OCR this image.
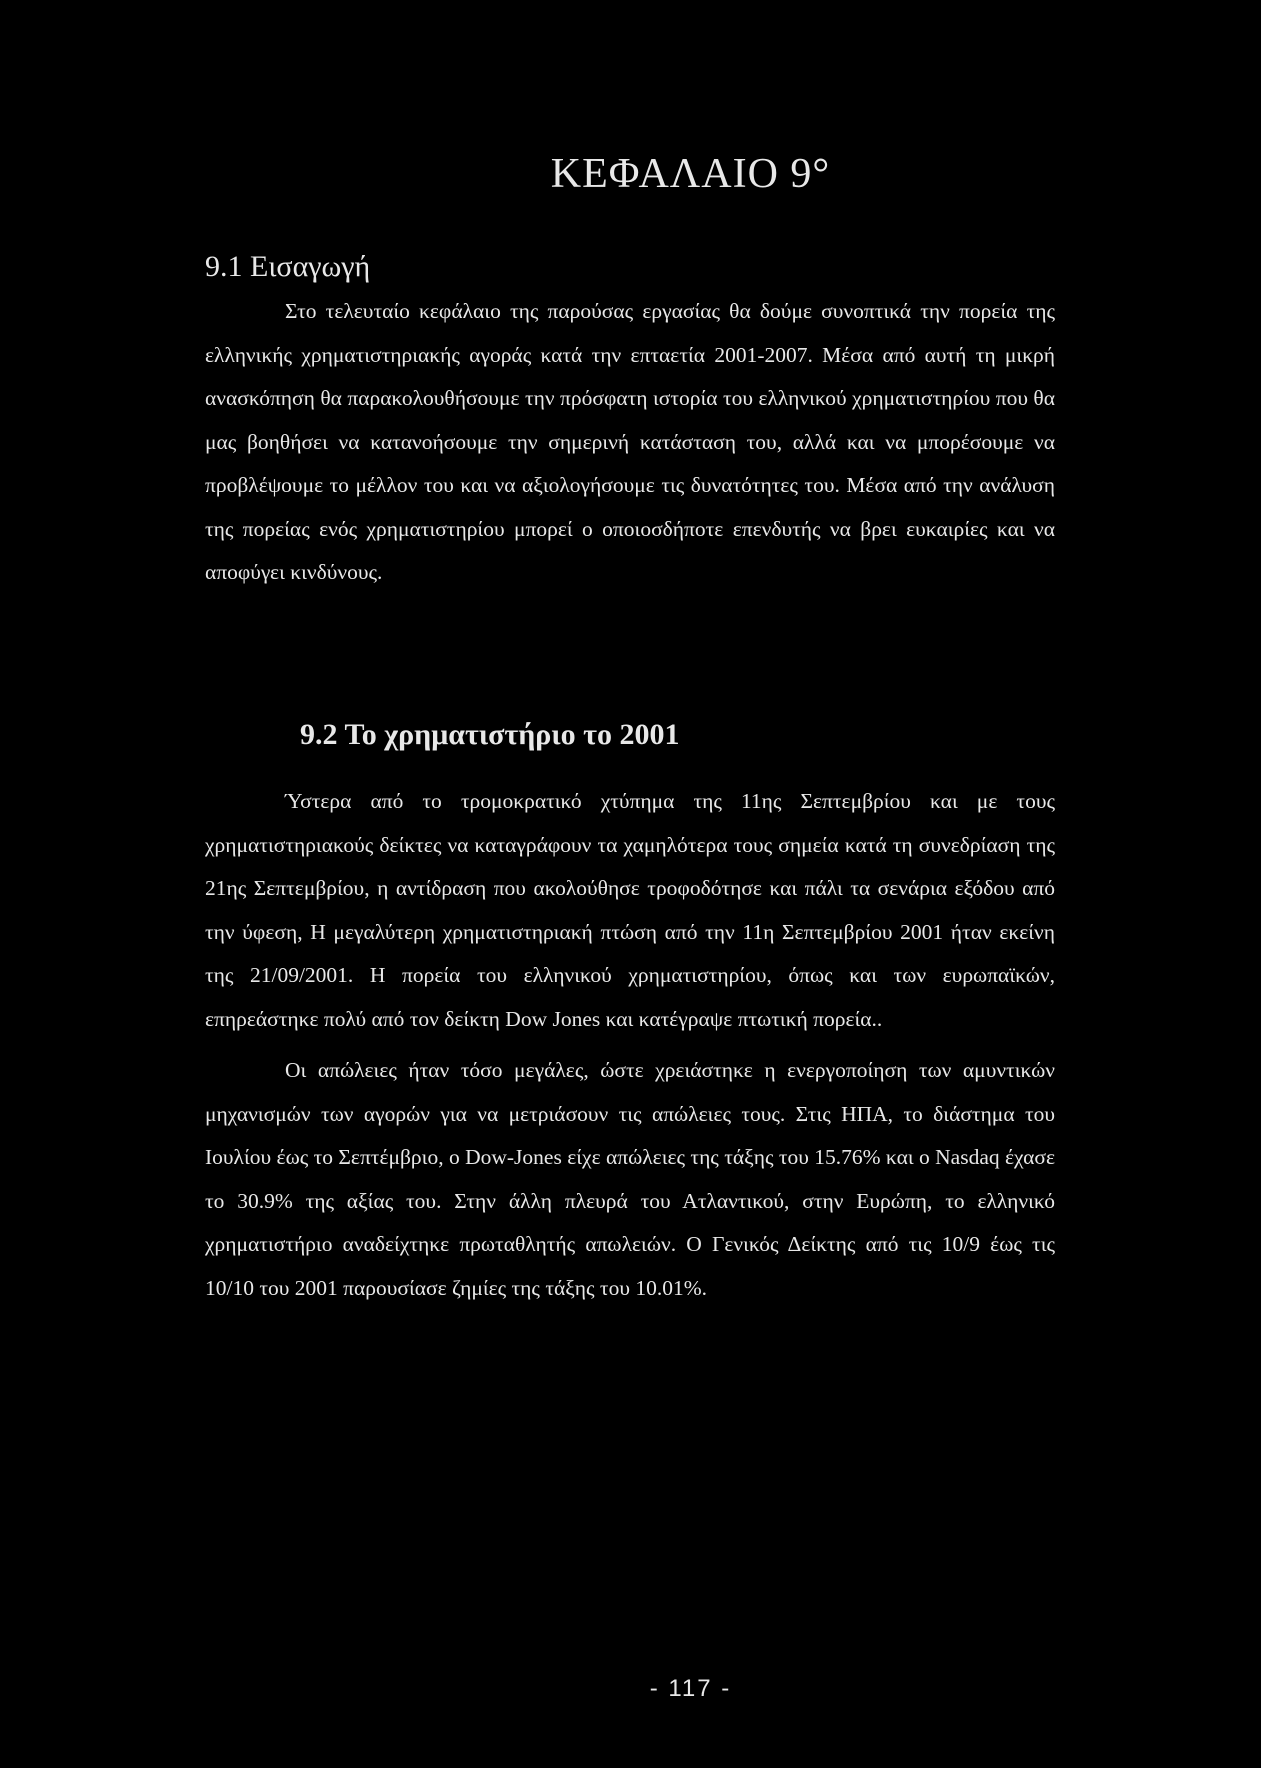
ΚΕΦΑΛΑΙΟ 9°
9.1 Εισαγωγή

Στο τελευταίο κεφάλαιο της παρούσας εργασίας θα δούμε συνοπτικά την πορεία της ελληνικής χρηματιστηριακής αγοράς κατά την επταετία 2001-2007. Μέσα από αυτή τη μικρή ανασκόπηση θα παρακολουθήσουμε την πρόσφατη ιστορία του ελληνικού χρηματιστηρίου που θα μας βοηθήσει να κατανοήσουμε την σημερινή κατάσταση του, αλλά και να μπορέσουμε να προβλέψουμε το μέλλον του και να αξιολογήσουμε τις δυνατότητες του. Μέσα από την ανάλυση της πορείας ενός χρηματιστηρίου μπορεί ο οποιοσδήποτε επενδυτής να βρει ευκαιρίες και να αποφύγει κινδύνους.

9.2 Το χρηματιστήριο το 2001

Ύστερα από το τρομοκρατικό χτύπημα της 11ης Σεπτεμβρίου και με τους χρηματιστηριακούς δείκτες να καταγράφουν τα χαμηλότερα τους σημεία κατά τη συνεδρίαση της 21ης Σεπτεμβρίου, η αντίδραση που ακολούθησε τροφοδότησε και πάλι τα σενάρια εξόδου από την ύφεση, Η μεγαλύτερη χρηματιστηριακή πτώση από την 11η Σεπτεμβρίου 2001 ήταν εκείνη της 21/09/2001. Η πορεία του ελληνικού χρηματιστηρίου, όπως και των ευρωπαϊκών, επηρεάστηκε πολύ από τον δείκτη Dow Jones και κατέγραψε πτωτική πορεία..

Οι απώλειες ήταν τόσο μεγάλες, ώστε χρειάστηκε η ενεργοποίηση των αμυντικών μηχανισμών των αγορών για να μετριάσουν τις απώλειες τους. Στις ΗΠΑ, το διάστημα του Ιουλίου έως το Σεπτέμβριο, ο Dow-Jones είχε απώλειες της τάξης του 15.76% και ο Nasdaq έχασε το 30.9% της αξίας του. Στην άλλη πλευρά του Ατλαντικού, στην Ευρώπη, το ελληνικό χρηματιστήριο αναδείχτηκε πρωταθλητής απωλειών. Ο Γενικός Δείκτης από τις 10/9 έως τις 10/10 του 2001 παρουσίασε ζημίες της τάξης του 10.01%.

- 117 -
